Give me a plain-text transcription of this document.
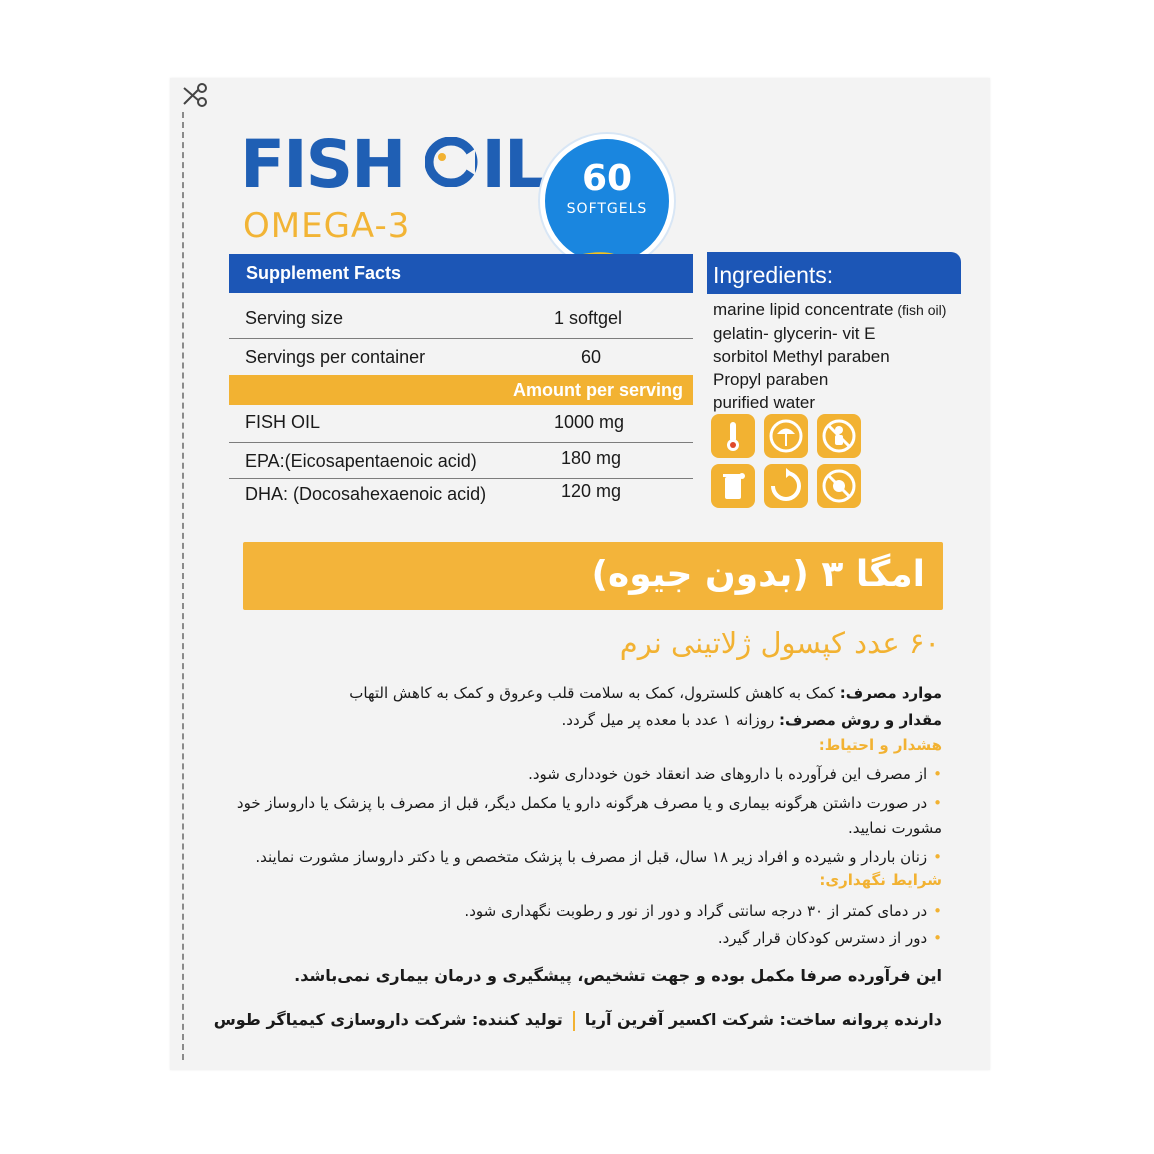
FISH IL
OMEGA-3
60
SOFTGELS
Supplement Facts
Serving size	1 softgel
Servings per container	60
Amount per serving
FISH OIL	1000 mg
EPA:(Eicosapentaenoic acid)	180 mg
DHA: (Docosahexaenoic acid)	120 mg
Ingredients:
marine lipid concentrate (fish oil)
gelatin- glycerin- vit E
sorbitol Methyl paraben
Propyl paraben
purified water
امگا ۳ (بدون جیوه)
۶۰ عدد کپسول ژلاتینی نرم
موارد مصرف: کمک به کاهش کلسترول، کمک به سلامت قلب وعروق و کمک به کاهش التهاب
مقدار و روش مصرف: روزانه ۱ عدد با معده پر میل گردد.
هشدار و احتیاط:
• از مصرف این فرآورده با داروهای ضد انعقاد خون خودداری شود.
• در صورت داشتن هرگونه بیماری و یا مصرف هرگونه دارو یا مکمل دیگر، قبل از مصرف با پزشک یا داروساز خود
مشورت نمایید.
• زنان باردار و شیرده و افراد زیر ۱۸ سال، قبل از مصرف با پزشک متخصص و یا دکتر داروساز مشورت نمایند.
شرایط نگهداری:
• در دمای کمتر از ۳۰ درجه سانتی گراد و دور از نور و رطوبت نگهداری شود.
• دور از دسترس کودکان قرار گیرد.
این فرآورده صرفا مکمل بوده و جهت تشخیص، پیشگیری و درمان بیماری نمی‌باشد.
دارنده پروانه ساخت: شرکت اکسیر آفرین آریاتولید کننده: شرکت داروسازی کیمیاگر طوس
